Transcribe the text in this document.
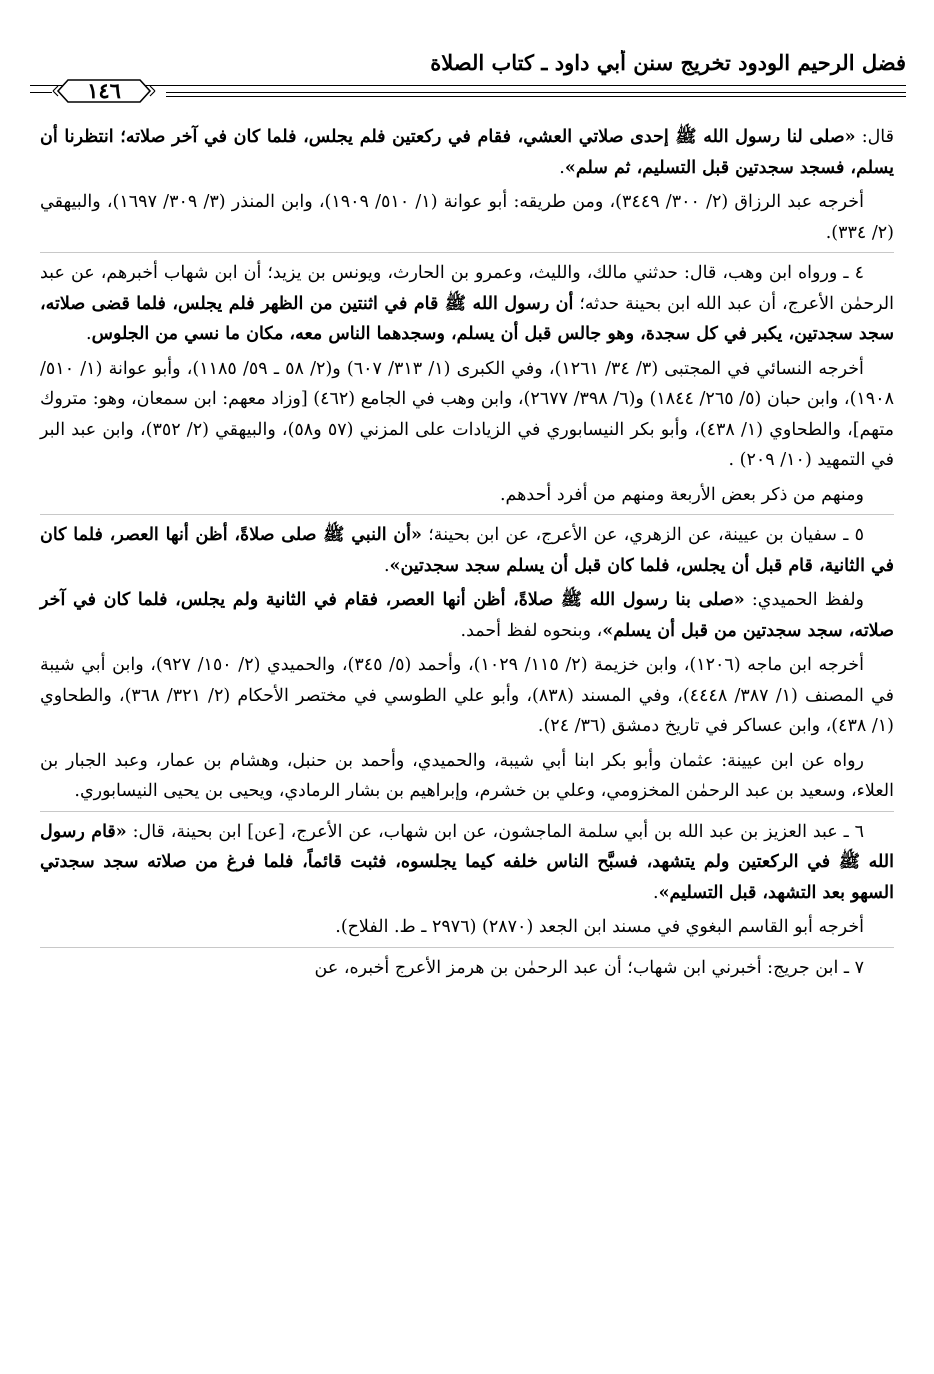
فضل الرحيم الودود تخريج سنن أبي داود ـ كتاب الصلاة
١٤٦

قال: «صلى لنا رسول الله ﷺ إحدى صلاتي العشي، فقام في ركعتين فلم يجلس، فلما كان في آخر صلاته؛ انتظرنا أن يسلم، فسجد سجدتين قبل التسليم، ثم سلم».

أخرجه عبد الرزاق (٢/ ٣٠٠/ ٣٤٤٩)، ومن طريقه: أبو عوانة (١/ ٥١٠/ ١٩٠٩)، وابن المنذر (٣/ ٣٠٩/ ١٦٩٧)، والبيهقي (٢/ ٣٣٤).

٤ ـ ورواه ابن وهب، قال: حدثني مالك، والليث، وعمرو بن الحارث، ويونس بن يزيد؛ أن ابن شهاب أخبرهم، عن عبد الرحمٰن الأعرج، أن عبد الله ابن بحينة حدثه؛ أن رسول الله ﷺ قام في اثنتين من الظهر فلم يجلس، فلما قضى صلاته، سجد سجدتين، يكبر في كل سجدة، وهو جالس قبل أن يسلم، وسجدهما الناس معه، مكان ما نسي من الجلوس.

أخرجه النسائي في المجتبى (٣/ ٣٤/ ١٢٦١)، وفي الكبرى (١/ ٣١٣/ ٦٠٧) و(٢/ ٥٨ ـ ٥٩/ ١١٨٥)، وأبو عوانة (١/ ٥١٠/ ١٩٠٨)، وابن حبان (٥/ ٢٦٥/ ١٨٤٤) و(٦/ ٣٩٨/ ٢٦٧٧)، وابن وهب في الجامع (٤٦٢) [وزاد معهم: ابن سمعان، وهو: متروك متهم]، والطحاوي (١/ ٤٣٨)، وأبو بكر النيسابوري في الزيادات على المزني (٥٧ و٥٨)، والبيهقي (٢/ ٣٥٢)، وابن عبد البر في التمهيد (١٠/ ٢٠٩) .

ومنهم من ذكر بعض الأربعة ومنهم من أفرد أحدهم.

٥ ـ سفيان بن عيينة، عن الزهري، عن الأعرج، عن ابن بحينة؛ «أن النبي ﷺ صلى صلاةً، أظن أنها العصر، فلما كان في الثانية، قام قبل أن يجلس، فلما كان قبل أن يسلم سجد سجدتين».

ولفظ الحميدي: «صلى بنا رسول الله ﷺ صلاةً، أظن أنها العصر، فقام في الثانية ولم يجلس، فلما كان في آخر صلاته، سجد سجدتين من قبل أن يسلم»، وبنحوه لفظ أحمد.

أخرجه ابن ماجه (١٢٠٦)، وابن خزيمة (٢/ ١١٥/ ١٠٢٩)، وأحمد (٥/ ٣٤٥)، والحميدي (٢/ ١٥٠/ ٩٢٧)، وابن أبي شيبة في المصنف (١/ ٣٨٧/ ٤٤٤٨)، وفي المسند (٨٣٨)، وأبو علي الطوسي في مختصر الأحكام (٢/ ٣٢١/ ٣٦٨)، والطحاوي (١/ ٤٣٨)، وابن عساكر في تاريخ دمشق (٣٦/ ٢٤).

رواه عن ابن عيينة: عثمان وأبو بكر ابنا أبي شيبة، والحميدي، وأحمد بن حنبل، وهشام بن عمار، وعبد الجبار بن العلاء، وسعيد بن عبد الرحمٰن المخزومي، وعلي بن خشرم، وإبراهيم بن بشار الرمادي، ويحيى بن يحيى النيسابوري.

٦ ـ عبد العزيز بن عبد الله بن أبي سلمة الماجشون، عن ابن شهاب، عن الأعرج، [عن] ابن بحينة، قال: «قام رسول الله ﷺ في الركعتين ولم يتشهد، فسبَّح الناس خلفه كيما يجلسوه، فثبت قائماً، فلما فرغ من صلاته سجد سجدتي السهو بعد التشهد، قبل التسليم».

أخرجه أبو القاسم البغوي في مسند ابن الجعد (٢٨٧٠) (٢٩٧٦ ـ ط. الفلاح).

٧ ـ ابن جريج: أخبرني ابن شهاب؛ أن عبد الرحمٰن بن هرمز الأعرج أخبره، عن
